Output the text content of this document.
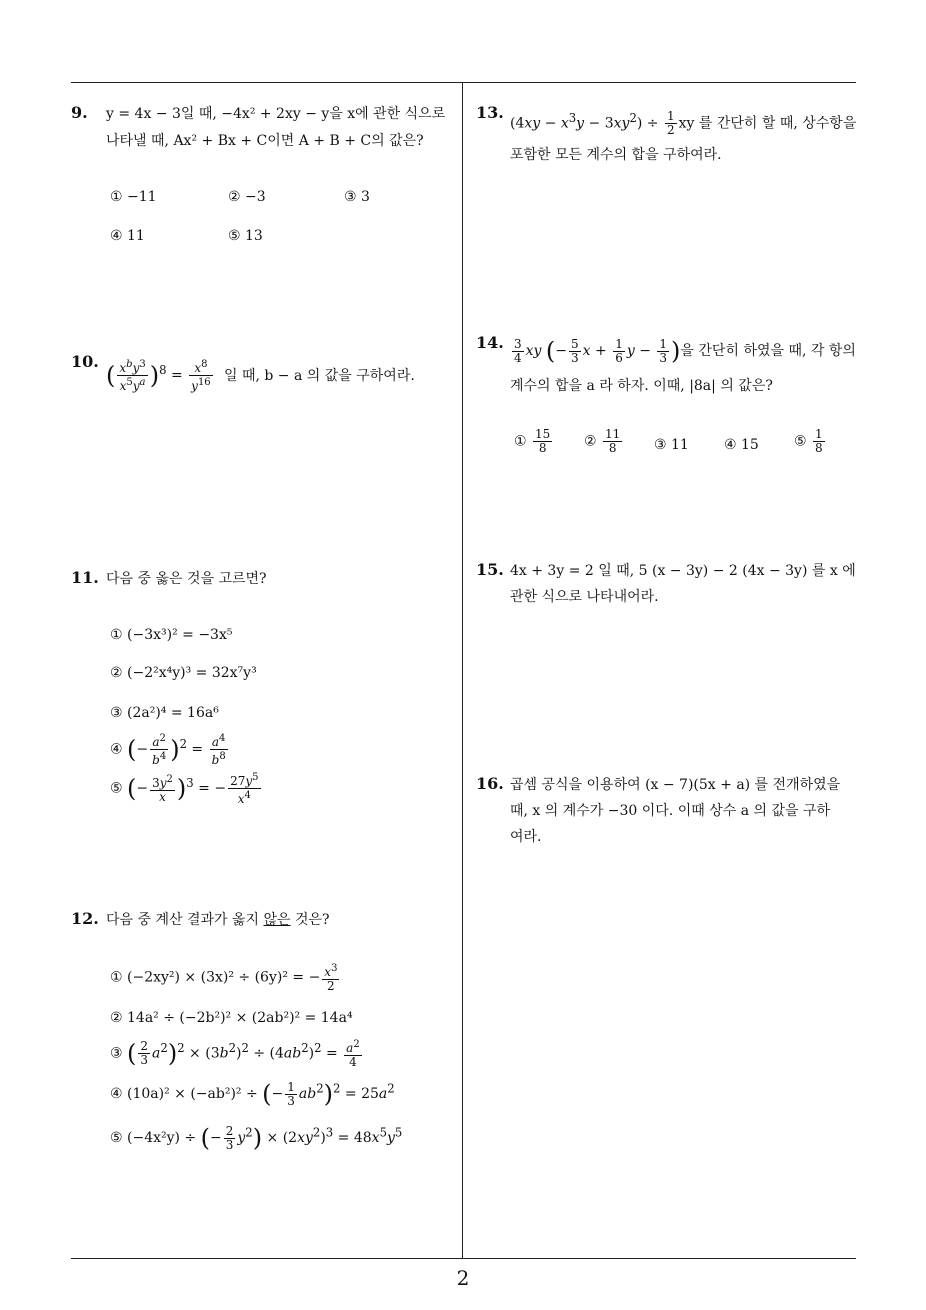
9. y = 4x − 3일 때, −4x² + 2xy − y을 x에 관한 식으로
나타낼 때, Ax² + Bx + C이면 A + B + C의 값은?
① −11	② −3	③ 3
④ 11	⑤ 13
10.
( $\frac{x^by^3}{x^5y^a} )^8 = \frac{x^8}{y^{16}}$ 일 때, b − a 의 값을 구하여라.
11. 다음 중 옳은 것을 고르면?
① (−3x³)² = −3x⁵
② (−2²x⁴y)³ = 32x⁷y³
③ (2a²)⁴ = 16a⁶
④ (− $\frac{a^2}{b^4} )^2 = \frac{a^4}{b^8}$
⑤ (− $\frac{3y^2}{x} )^3$ = − $\frac{27y^5}{x^4}$
12. 다음 중 계산 결과가 옳지 않은 것은?
① (−2xy²) × (3x)² ÷ (6y)² = − $\frac{x^3}{2}$
② 14a² ÷ (−2b²)² × (2ab²)² = 14a⁴
③ ( $\frac{2}{3} a^2)^2 \times (3b^2)^2 \div (4ab^2)^2 = \frac{a^2}{4}$
④ (10a)² × (−ab²)² ÷ (− $\frac{1}{3} ab^2)^2 = 25a^2$
⑤ (−4x²y) ÷ (− $\frac{2}{3} y^2) \times (2xy^2)^3 = 48x^5y^5$
13.
$(4xy - x^3y - 3xy^2) \div \frac{1}{2}$ xy 를 간단히 할 때, 상수항을
포함한 모든 계수의 합을 구하여라.
14. $\frac{3}{4}$ xy (− $\frac{5}{3}$ $x + \frac{1}{6}$ $y - \frac{1}{3}$ )을 간단히 하였을 때, 각 항의
계수의 합을 a 라 하자. 이때, |8a| 의 값은?
① $\frac{15}{8}$ ② $\frac{11}{8}$ ③ 11	④ 15	⑤ $\frac{1}{8}$
15. 4x + 3y = 2 일 때, 5 (x − 3y) − 2 (4x − 3y) 를 x 에
관한 식으로 나타내어라.
16. 곱셈 공식을 이용하여 (x − 7)(5x + a) 를 전개하였을
때, x 의 계수가 −30 이다. 이때 상수 a 의 값을 구하
여라.
2
